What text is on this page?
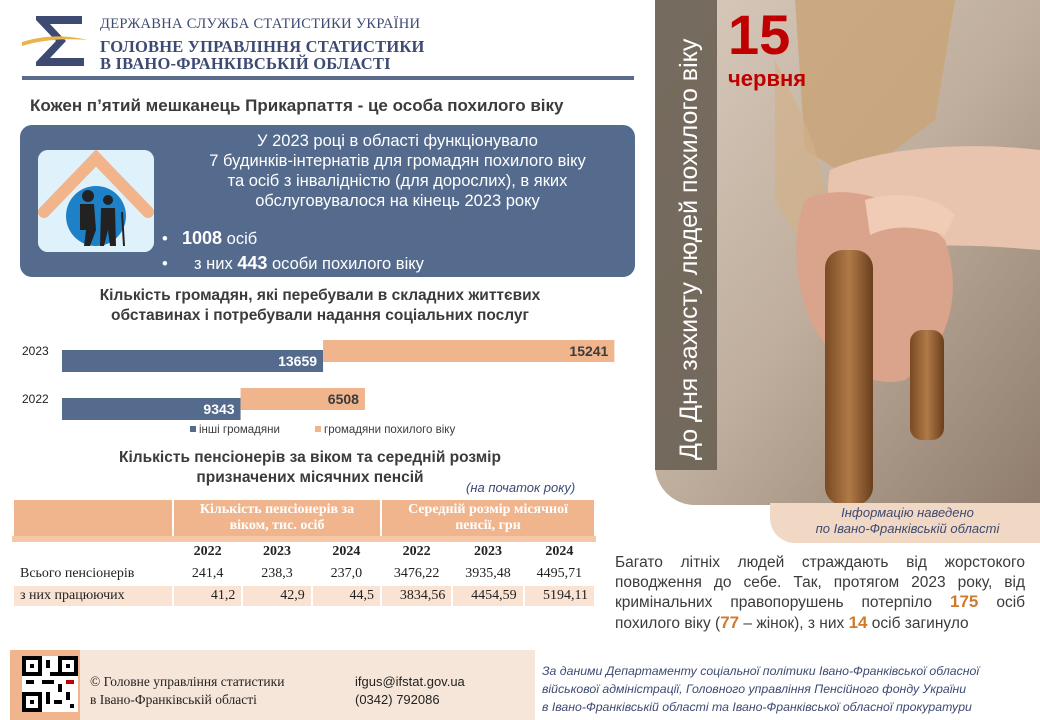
До Дня захисту людей похилого віку
15
червня
Інформацію наведено
по Івано-Франківській області
ДЕРЖАВНА СЛУЖБА СТАТИСТИКИ УКРАЇНИ
ГОЛОВНЕ УПРАВЛІННЯ СТАТИСТИКИ
В ІВАНО-ФРАНКІВСЬКІЙ ОБЛАСТІ
Кожен п’ятий мешканець Прикарпаття - це особа похилого віку
У 2023 році в області функціонувало
7 будинків-інтернатів для громадян похилого віку
та осіб з інвалідністю (для дорослих), в яких
обслуговувалося на кінець 2023 року
• 1008 осіб
• з них 443 особи похилого віку
Кількість громадян, які перебували в складних життєвих
обставинах і потребували надання соціальних послуг
2023
13659
15241
2022
9343
6508
інші громадяни	громадяни похилого віку
Кількість пенсіонерів за віком та середній розмір
призначених місячних пенсій
(на початок року)
	Кількість пенсіонерів за віком, тис. осіб			Середній розмір місячної пенсії, грн		
	2022	2023	2024	2022	2023	2024
Всього пенсіонерів	241,4	238,3	237,0	3476,22	3935,48	4495,71
з них працюючих	41,2	42,9	44,5	3834,56	4454,59	5194,11
Багато літніх людей страждають від жорстокого поводження до себе. Так, протягом 2023 року, від кримінальних правопорушень потерпіло 175 осіб похилого віку (77 – жінок), з них 14 осіб загинуло
© Головне управління статистики
в Івано-Франківській області
ifgus@ifstat.gov.ua
(0342) 792086
За даними Департаменту соціальної політики Івано-Франківської обласної
військової адміністрації, Головного управління Пенсійного фонду України
в Івано-Франківській області та Івано-Франківської обласної прокуратури
